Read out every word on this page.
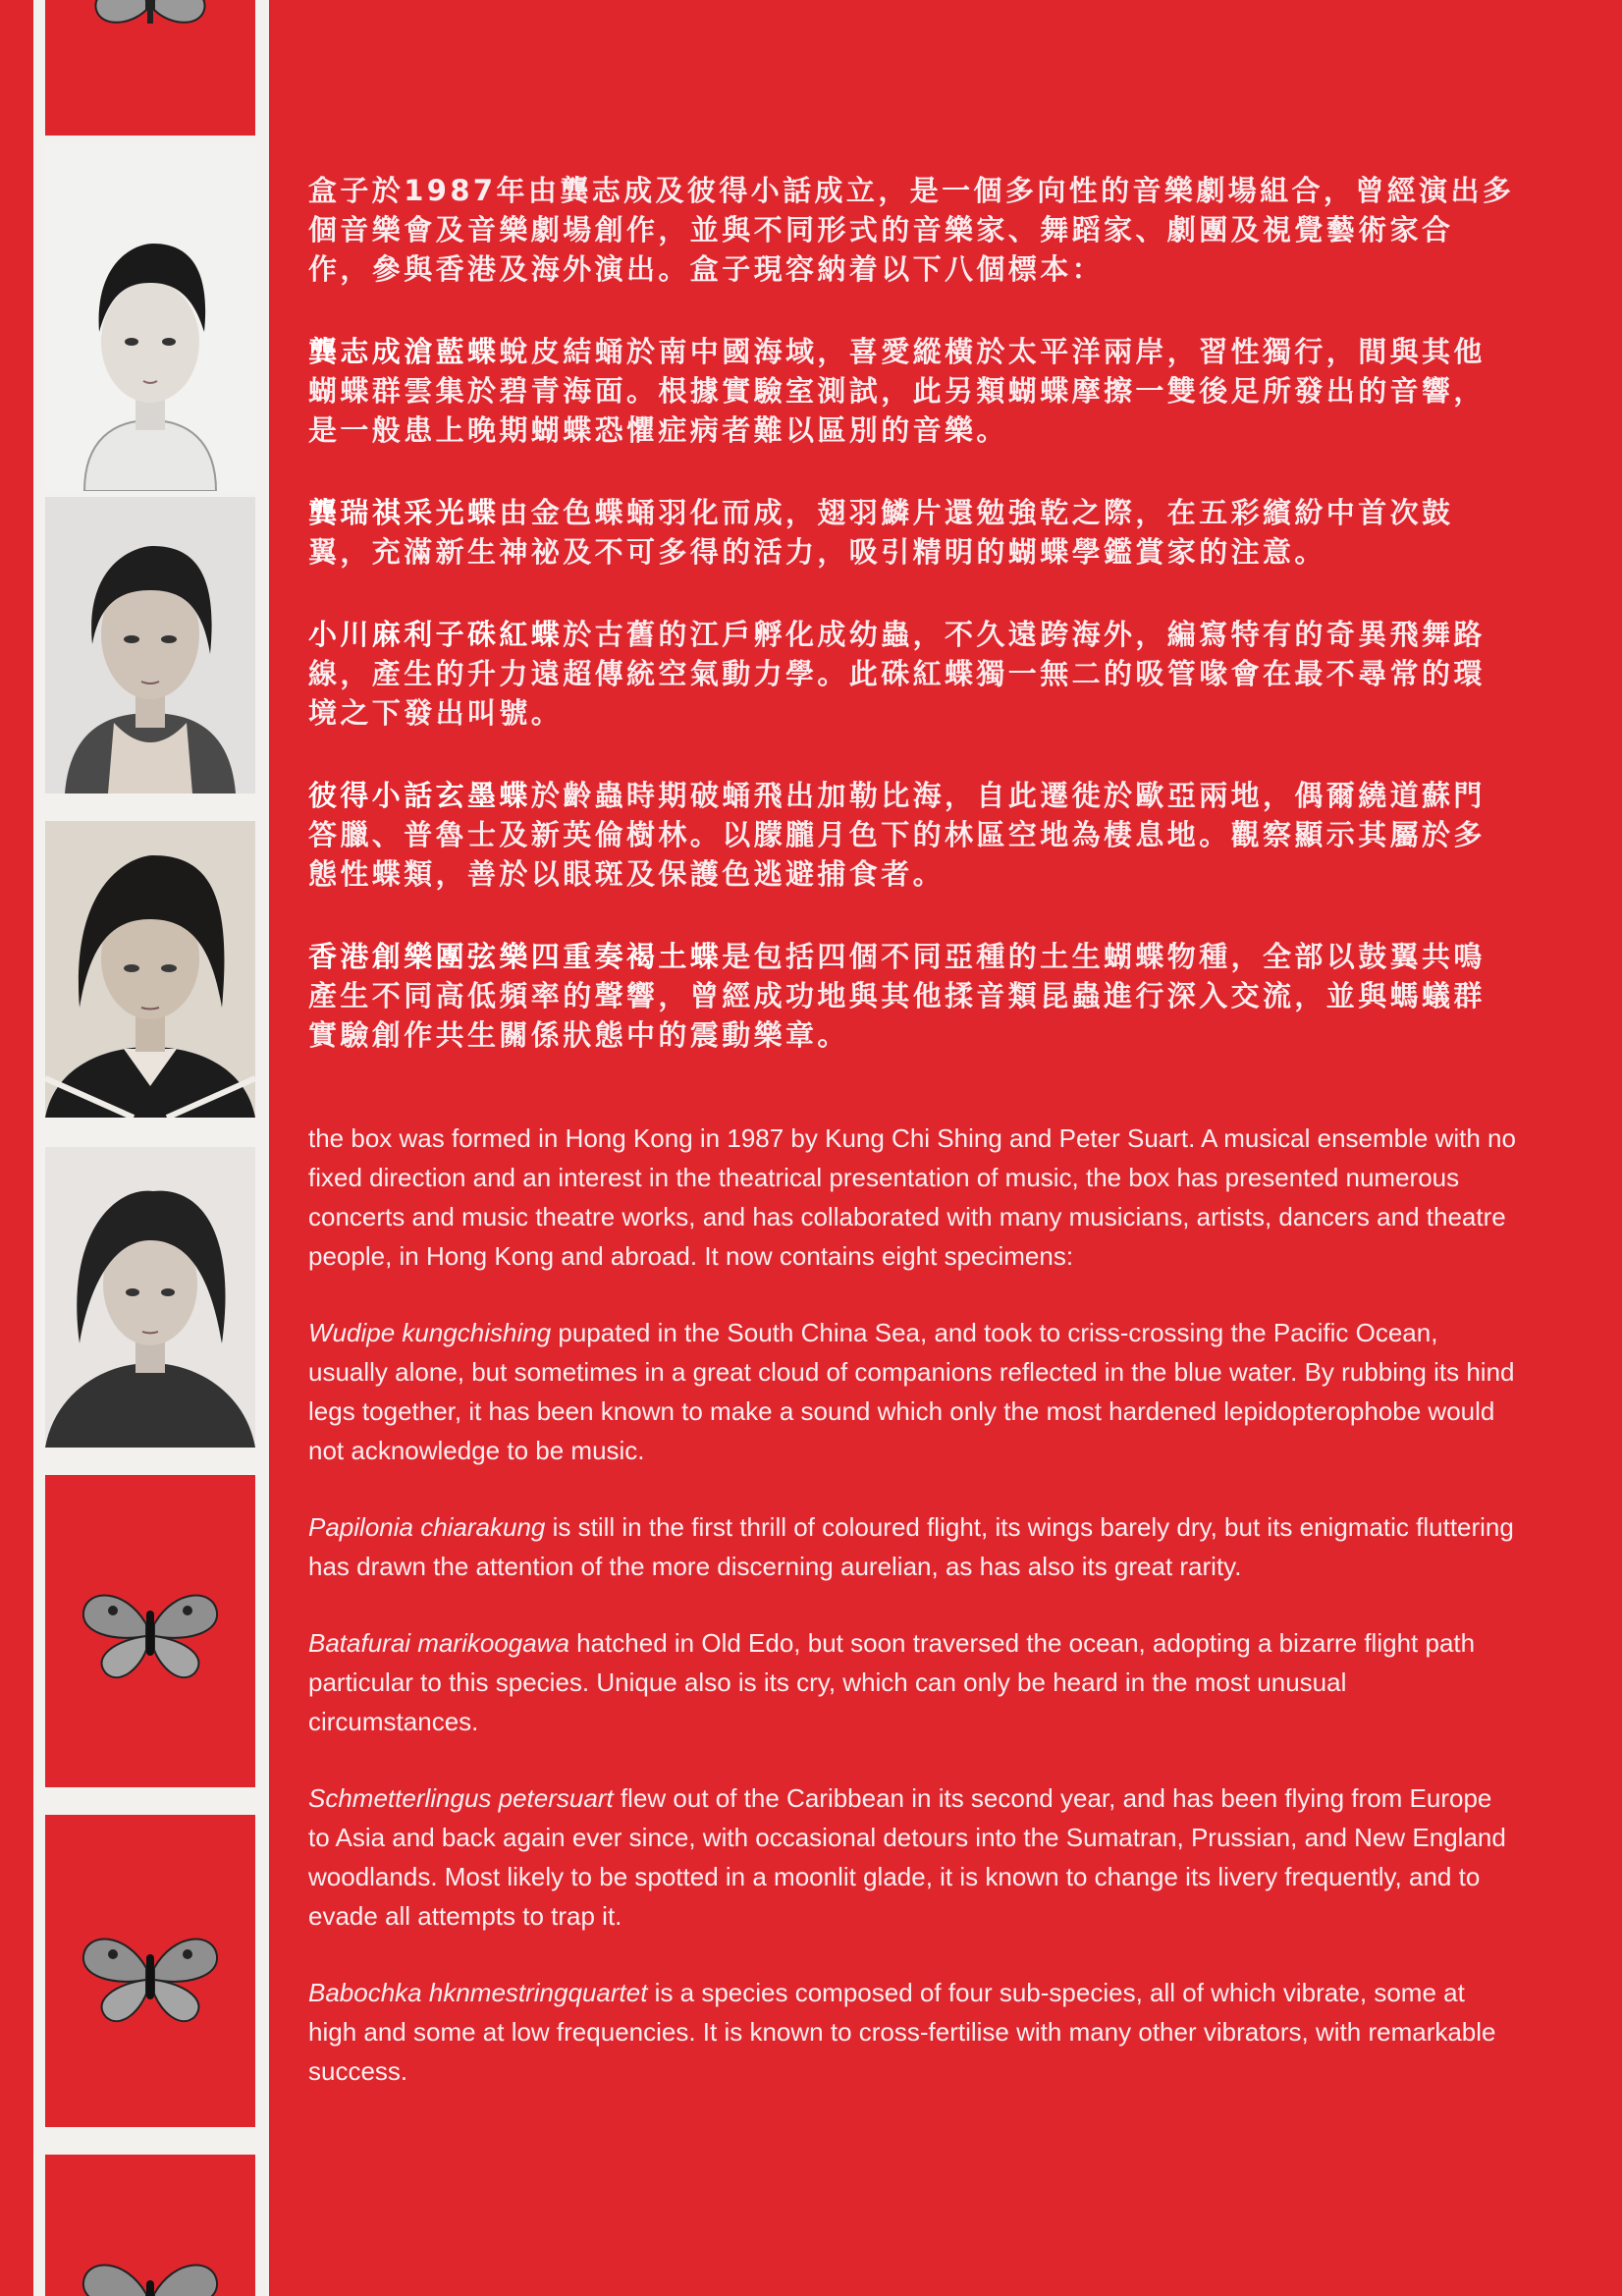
盒子於1987年由龔志成及彼得小話成立，是一個多向性的音樂劇場組合，曾經演出多個音樂會及音樂劇場創作，並與不同形式的音樂家、舞蹈家、劇團及視覺藝術家合作，參與香港及海外演出。盒子現容納着以下八個標本：

龔志成滄藍蝶蛻皮結蛹於南中國海域，喜愛縱橫於太平洋兩岸，習性獨行，間與其他蝴蝶群雲集於碧青海面。根據實驗室測試，此另類蝴蝶摩擦一雙後足所發出的音響，是一般患上晚期蝴蝶恐懼症病者難以區別的音樂。

龔瑞祺采光蝶由金色蝶蛹羽化而成，翅羽鱗片還勉強乾之際，在五彩繽紛中首次鼓翼，充滿新生神祕及不可多得的活力，吸引精明的蝴蝶學鑑賞家的注意。

小川麻利子硃紅蝶於古舊的江戶孵化成幼蟲，不久遠跨海外，編寫特有的奇異飛舞路線，產生的升力遠超傳統空氣動力學。此硃紅蝶獨一無二的吸管喙會在最不尋常的環境之下發出叫號。

彼得小話玄墨蝶於齡蟲時期破蛹飛出加勒比海，自此遷徙於歐亞兩地，偶爾繞道蘇門答臘、普魯士及新英倫樹林。以朦朧月色下的林區空地為棲息地。觀察顯示其屬於多態性蝶類，善於以眼斑及保護色逃避捕食者。

香港創樂團弦樂四重奏褐土蝶是包括四個不同亞種的土生蝴蝶物種，全部以鼓翼共鳴產生不同高低頻率的聲響，曾經成功地與其他揉音類昆蟲進行深入交流，並與螞蟻群實驗創作共生關係狀態中的震動樂章。

the box was formed in Hong Kong in 1987 by Kung Chi Shing and Peter Suart. A musical ensemble with no fixed direction and an interest in the theatrical presentation of music, the box has presented numerous concerts and music theatre works, and has collaborated with many musicians, artists, dancers and theatre people, in Hong Kong and abroad. It now contains eight specimens:

Wudipe kungchishing pupated in the South China Sea, and took to criss-crossing the Pacific Ocean, usually alone, but sometimes in a great cloud of companions reflected in the blue water. By rubbing its hind legs together, it has been known to make a sound which only the most hardened lepidopterophobe would not acknowledge to be music.

Papilonia chiarakung is still in the first thrill of coloured flight, its wings barely dry, but its enigmatic fluttering has drawn the attention of the more discerning aurelian, as has also its great rarity.

Batafurai marikoogawa hatched in Old Edo, but soon traversed the ocean, adopting a bizarre flight path particular to this species. Unique also is its cry, which can only be heard in the most unusual circumstances.

Schmetterlingus petersuart flew out of the Caribbean in its second year, and has been flying from Europe to Asia and back again ever since, with occasional detours into the Sumatran, Prussian, and New England woodlands. Most likely to be spotted in a moonlit glade, it is known to change its livery frequently, and to evade all attempts to trap it.

Babochka hknmestringquartet is a species composed of four sub-species, all of which vibrate, some at high and some at low frequencies. It is known to cross-fertilise with many other vibrators, with remarkable success.
